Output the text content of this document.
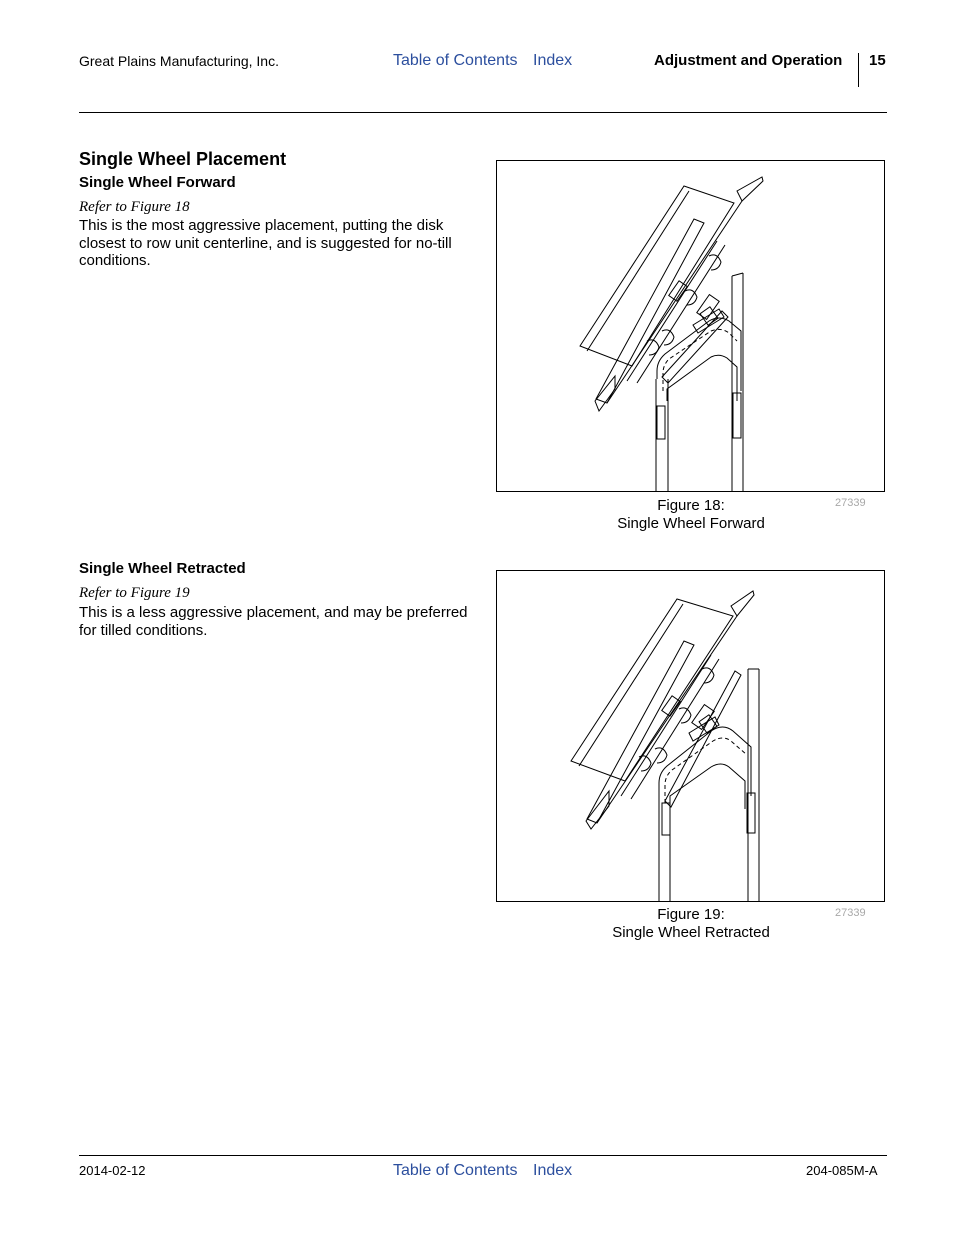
Great Plains Manufacturing, Inc.	Table of Contents Index	Adjustment and Operation 15
Single Wheel Placement
Single Wheel Forward
Refer to Figure 18
This is the most aggressive placement, putting the disk closest to row unit centerline, and is suggested for no-till conditions.
Single Wheel Retracted
Refer to Figure 19
This is a less aggressive placement, and may be preferred for tilled conditions.
Figure 18:
Single Wheel Forward
27339
Figure 19:
Single Wheel Retracted
27339
2014-02-12	Table of Contents Index	204-085M-A
